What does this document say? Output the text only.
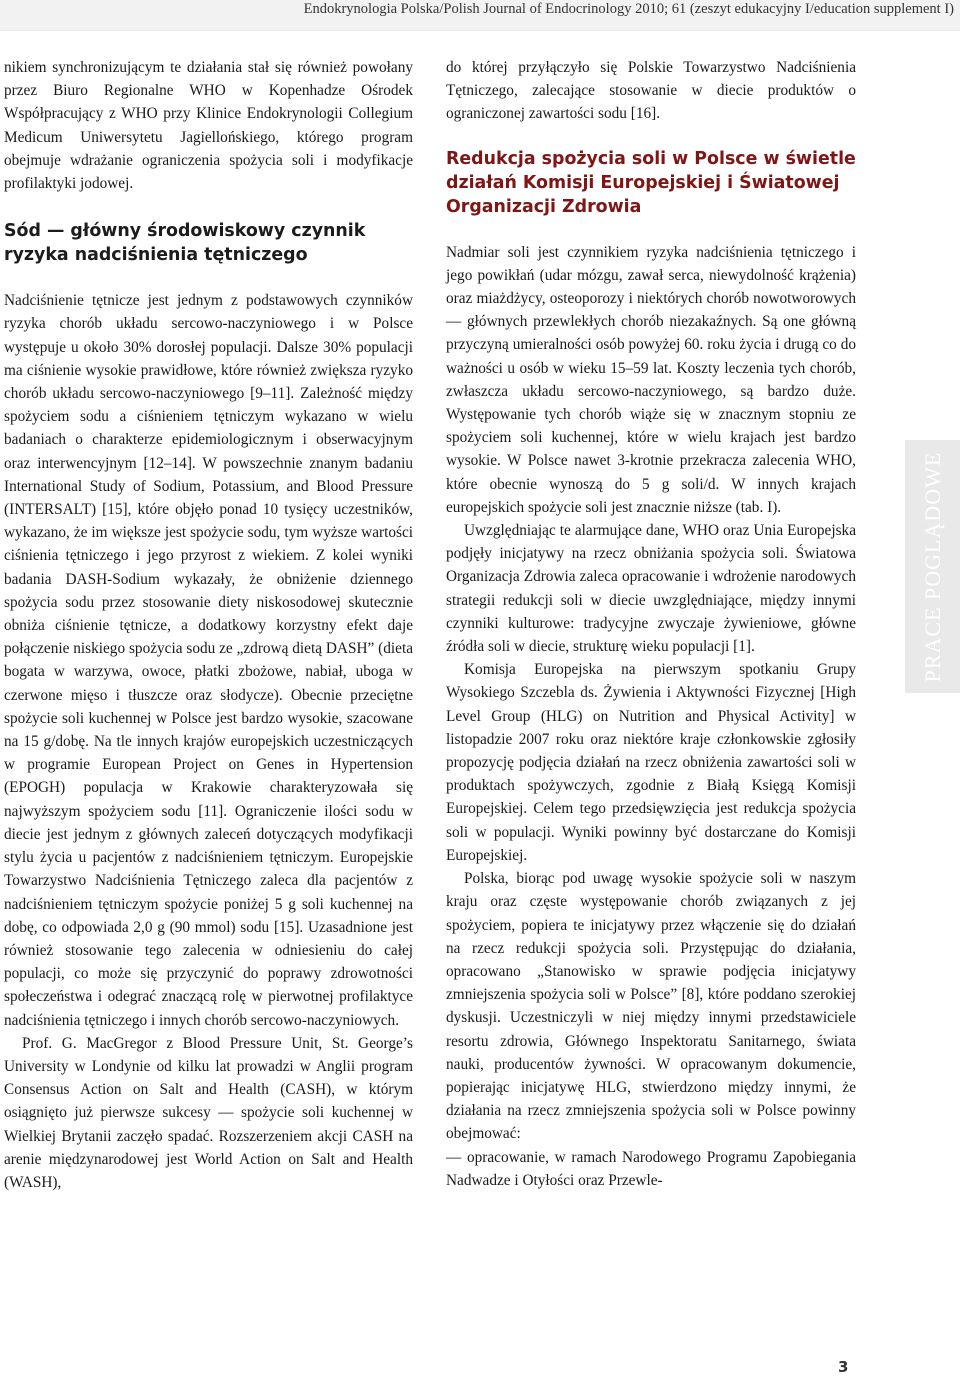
Endokrynologia Polska/Polish Journal of Endocrinology 2010; 61 (zeszyt edukacyjny I/education supplement I)

nikiem synchronizującym te działania stał się również powołany przez Biuro Regionalne WHO w Kopenhadze Ośrodek Współpracujący z WHO przy Klinice Endokrynologii Collegium Medicum Uniwersytetu Jagiellońskiego, którego program obejmuje wdrażanie ograniczenia spożycia soli i modyfikacje profilaktyki jodowej.

Sód — główny środowiskowy czynnik ryzyka nadciśnienia tętniczego

Nadciśnienie tętnicze jest jednym z podstawowych czynników ryzyka chorób układu sercowo-naczyniowego i w Polsce występuje u około 30% dorosłej populacji. Dalsze 30% populacji ma ciśnienie wysokie prawidłowe, które również zwiększa ryzyko chorób układu sercowo-naczyniowego [9–11]. Zależność między spożyciem sodu a ciśnieniem tętniczym wykazano w wielu badaniach o charakterze epidemiologicznym i obserwacyjnym oraz interwencyjnym [12–14]. W powszechnie znanym badaniu International Study of Sodium, Potassium, and Blood Pressure (INTERSALT) [15], które objęło ponad 10 tysięcy uczestników, wykazano, że im większe jest spożycie sodu, tym wyższe wartości ciśnienia tętniczego i jego przyrost z wiekiem. Z kolei wyniki badania DASH-Sodium wykazały, że obniżenie dziennego spożycia sodu przez stosowanie diety niskosodowej skutecznie obniża ciśnienie tętnicze, a dodatkowy korzystny efekt daje połączenie niskiego spożycia sodu ze „zdrową dietą DASH” (dieta bogata w warzywa, owoce, płatki zbożowe, nabiał, uboga w czerwone mięso i tłuszcze oraz słodycze). Obecnie przeciętne spożycie soli kuchennej w Polsce jest bardzo wysokie, szacowane na 15 g/dobę. Na tle innych krajów europejskich uczestniczących w programie European Project on Genes in Hypertension (EPOGH) populacja w Krakowie charakteryzowała się najwyższym spożyciem sodu [11]. Ograniczenie ilości sodu w diecie jest jednym z głównych zaleceń dotyczących modyfikacji stylu życia u pacjentów z nadciśnieniem tętniczym. Europejskie Towarzystwo Nadciśnienia Tętniczego zaleca dla pacjentów z nadciśnieniem tętniczym spożycie poniżej 5 g soli kuchennej na dobę, co odpowiada 2,0 g (90 mmol) sodu [15]. Uzasadnione jest również stosowanie tego zalecenia w odniesieniu do całej populacji, co może się przyczynić do poprawy zdrowotności społeczeństwa i odegrać znaczącą rolę w pierwotnej profilaktyce nadciśnienia tętniczego i innych chorób sercowo-naczyniowych.

Prof. G. MacGregor z Blood Pressure Unit, St. George’s University w Londynie od kilku lat prowadzi w Anglii program Consensus Action on Salt and Health (CASH), w którym osiągnięto już pierwsze sukcesy — spożycie soli kuchennej w Wielkiej Brytanii zaczęło spadać. Rozszerzeniem akcji CASH na arenie międzynarodowej jest World Action on Salt and Health (WASH),

do której przyłączyło się Polskie Towarzystwo Nadciśnienia Tętniczego, zalecające stosowanie w diecie produktów o ograniczonej zawartości sodu [16].

Redukcja spożycia soli w Polsce w świetle działań Komisji Europejskiej i Światowej Organizacji Zdrowia

Nadmiar soli jest czynnikiem ryzyka nadciśnienia tętniczego i jego powikłań (udar mózgu, zawał serca, niewydolność krążenia) oraz miażdżycy, osteoporozy i niektórych chorób nowotworowych — głównych przewlekłych chorób niezakaźnych. Są one główną przyczyną umieralności osób powyżej 60. roku życia i drugą co do ważności u osób w wieku 15–59 lat. Koszty leczenia tych chorób, zwłaszcza układu sercowo-naczyniowego, są bardzo duże. Występowanie tych chorób wiąże się w znacznym stopniu ze spożyciem soli kuchennej, które w wielu krajach jest bardzo wysokie. W Polsce nawet 3-krotnie przekracza zalecenia WHO, które obecnie wynoszą do 5 g soli/d. W innych krajach europejskich spożycie soli jest znacznie niższe (tab. I).

Uwzględniając te alarmujące dane, WHO oraz Unia Europejska podjęły inicjatywy na rzecz obniżania spożycia soli. Światowa Organizacja Zdrowia zaleca opracowanie i wdrożenie narodowych strategii redukcji soli w diecie uwzględniające, między innymi czynniki kulturowe: tradycyjne zwyczaje żywieniowe, główne źródła soli w diecie, strukturę wieku populacji [1].

Komisja Europejska na pierwszym spotkaniu Grupy Wysokiego Szczebla ds. Żywienia i Aktywności Fizycznej [High Level Group (HLG) on Nutrition and Physical Activity] w listopadzie 2007 roku oraz niektóre kraje członkowskie zgłosiły propozycję podjęcia działań na rzecz obniżenia zawartości soli w produktach spożywczych, zgodnie z Białą Księgą Komisji Europejskiej. Celem tego przedsięwzięcia jest redukcja spożycia soli w populacji. Wyniki powinny być dostarczane do Komisji Europejskiej.

Polska, biorąc pod uwagę wysokie spożycie soli w naszym kraju oraz częste występowanie chorób związanych z jej spożyciem, popiera te inicjatywy przez włączenie się do działań na rzecz redukcji spożycia soli. Przystępując do działania, opracowano „Stanowisko w sprawie podjęcia inicjatywy zmniejszenia spożycia soli w Polsce” [8], które poddano szerokiej dyskusji. Uczestniczyli w niej między innymi przedstawiciele resortu zdrowia, Głównego Inspektoratu Sanitarnego, świata nauki, producentów żywności. W opracowanym dokumencie, popierając inicjatywę HLG, stwierdzono między innymi, że działania na rzecz zmniejszenia spożycia soli w Polsce powinny obejmować:

— opracowanie, w ramach Narodowego Programu Zapobiegania Nadwadze i Otyłości oraz Przewle-

PRACE POGLĄDOWE
3
